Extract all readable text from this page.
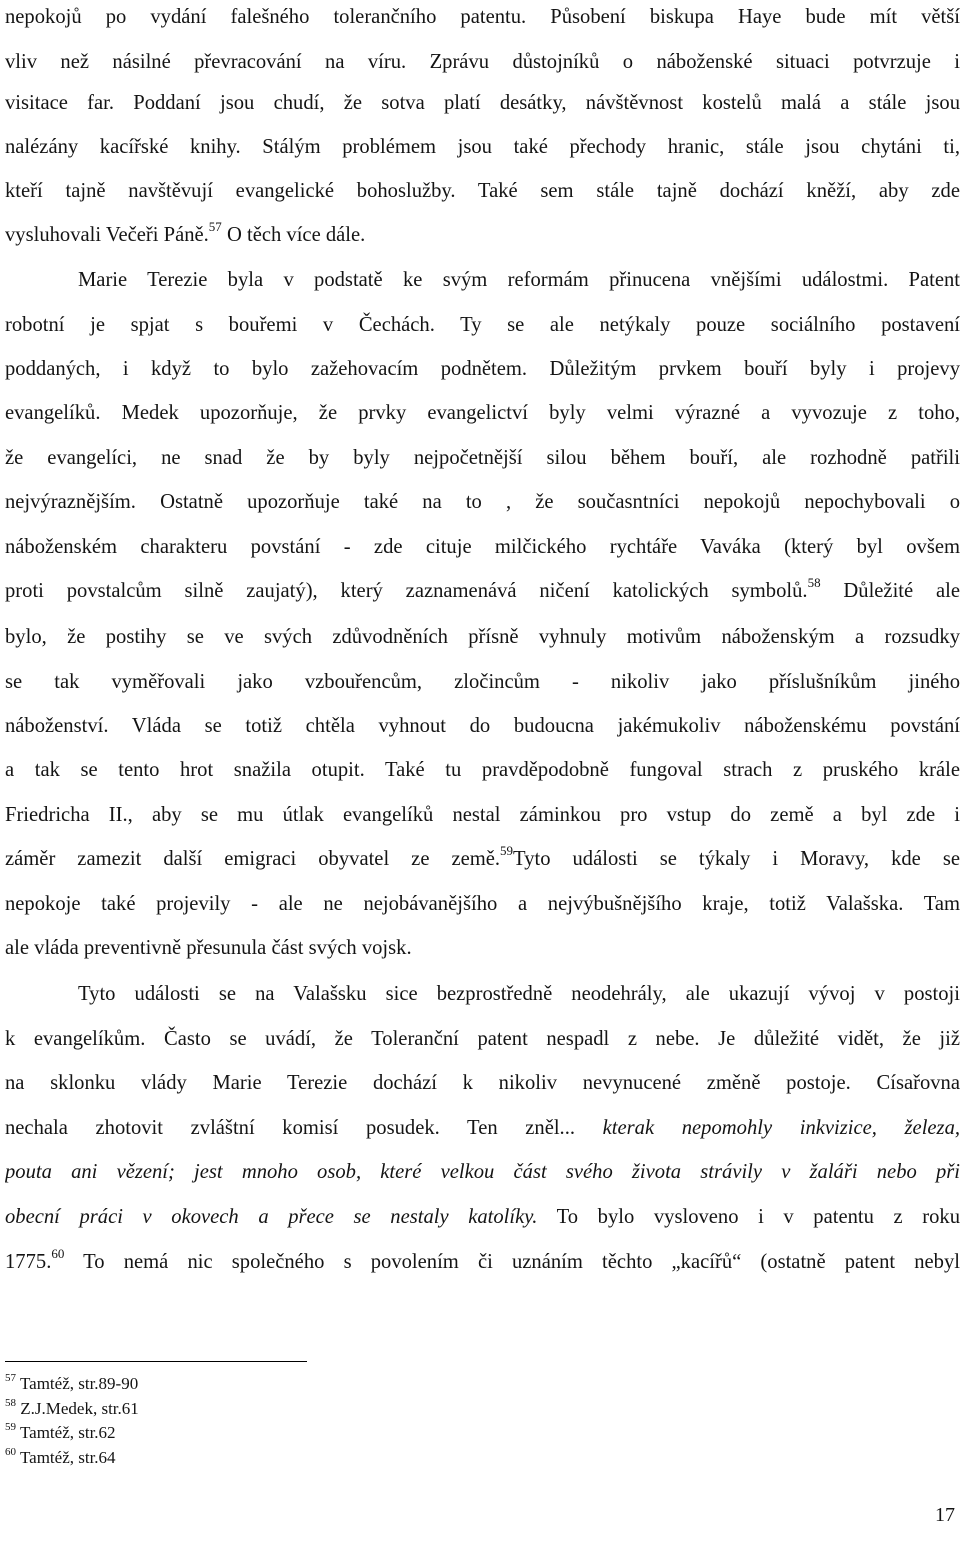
nepokojů po vydání falešného tolerančního patentu. Působení biskupa Haye bude mít větší
vliv než násilné převracování na víru. Zprávu důstojníků o náboženské situaci potvrzuje i
visitace far. Poddaní jsou chudí, že sotva platí desátky, návštěvnost kostelů malá a stále jsou
nalézány kacířské knihy. Stálým problémem jsou také přechody hranic, stále jsou chytáni ti,
kteří tajně navštěvují evangelické bohoslužby. Také sem stále tajně dochází kněží, aby zde
vysluhovali Večeři Páně.$^{57}$ O těch více dále.
Marie Terezie byla v podstatě ke svým reformám přinucena vnějšími událostmi. Patent
robotní je spjat s bouřemi v Čechách. Ty se ale netýkaly pouze sociálního postavení
poddaných, i když to bylo zažehovacím podnětem. Důležitým prvkem bouří byly i projevy
evangelíků. Medek upozorňuje, že prvky evangelictví byly velmi výrazné a vyvozuje z toho,
že evangelíci, ne snad že by byly nejpočetnější silou během bouří, ale rozhodně patřili
nejvýraznějším. Ostatně upozorňuje také na to , že současntníci nepokojů nepochybovali o
náboženském charakteru povstání - zde cituje milčického rychtáře Vaváka (který byl ovšem
proti povstalcům silně zaujatý), který zaznamenává ničení katolických symbolů.$^{58}$ Důležité ale
bylo, že postihy se ve svých zdůvodněních přísně vyhnuly motivům náboženským a rozsudky
se tak vyměřovali jako vzbouřencům, zločincům - nikoliv jako příslušníkům jiného
náboženství. Vláda se totiž chtěla vyhnout do budoucna jakémukoliv náboženskému povstání
a tak se tento hrot snažila otupit. Také tu pravděpodobně fungoval strach z pruského krále
Friedricha II., aby se mu útlak evangelíků nestal záminkou pro vstup do země a byl zde i
záměr zamezit další emigraci obyvatel ze země.$^{59}$Tyto události se týkaly i Moravy, kde se
nepokoje také projevily - ale ne nejobávanějšího a nejvýbušnějšího kraje, totiž Valašska. Tam
ale vláda preventivně přesunula část svých vojsk.
Tyto události se na Valašsku sice bezprostředně neodehrály, ale ukazují vývoj v postoji
k evangelíkům. Často se uvádí, že Toleranční patent nespadl z nebe. Je důležité vidět, že již
na sklonku vlády Marie Terezie dochází k nikoliv nevynucené změně postoje. Císařovna
nechala zhotovit zvláštní komisí posudek. Ten zněl... kterak nepomohly inkvizice, železa,
pouta ani vězení; jest mnoho osob, které velkou část svého života strávily v žaláři nebo při
obecní práci v okovech a přece se nestaly katolíky. To bylo vysloveno i v patentu z roku
1775.60 To nemá nic společného s povolením či uznáním těchto „kacířů“ (ostatně patent nebyl
$^{57}$ Tamtéž, str.89-90
$^{58}$ Z.J.Medek, str.61
$^{59}$ Tamtéž, str.62
$^{60}$ Tamtéž, str.64
17
